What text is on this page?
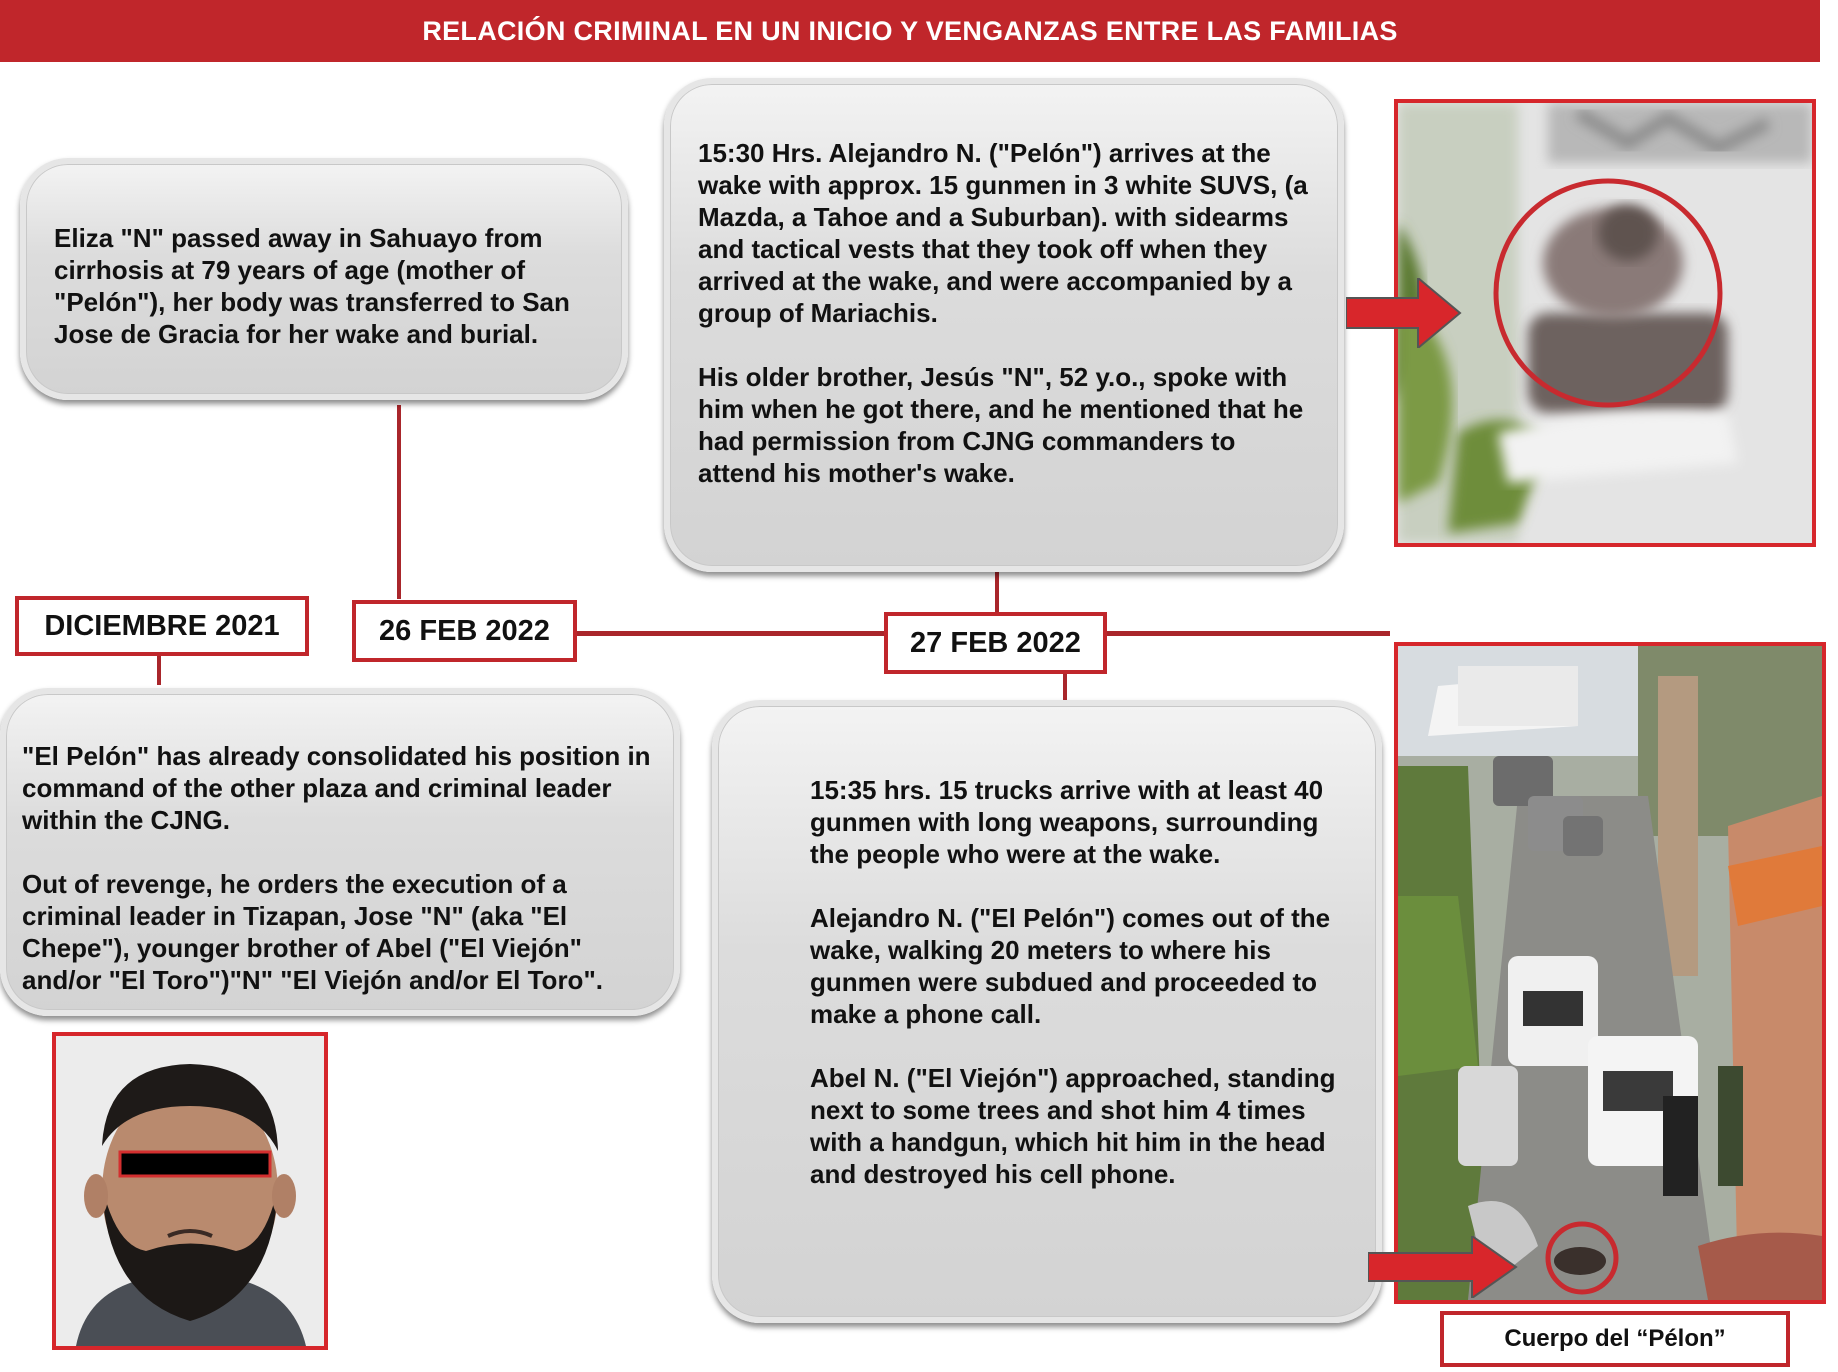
RELACIÓN CRIMINAL EN UN INICIO Y VENGANZAS ENTRE LAS FAMILIAS

Eliza "N" passed away in Sahuayo from cirrhosis at 79 years of age (mother of "Pelón"), her body was transferred to San Jose de Gracia for her wake and burial.

15:30 Hrs. Alejandro N. ("Pelón") arrives at the wake with approx. 15 gunmen in 3 white SUVS, (a Mazda, a Tahoe and a Suburban). with sidearms and tactical vests that they took off when they arrived at the wake, and were accompanied by a group of Mariachis.

His older brother, Jesús "N", 52 y.o., spoke with him when he got there, and he mentioned that he had permission from CJNG commanders to attend his mother's wake.

DICIEMBRE 2021	26 FEB 2022	27 FEB 2022

"El Pelón" has already consolidated his position in command of the other plaza and criminal leader within the CJNG.

Out of revenge, he orders the execution of a criminal leader in Tizapan, Jose "N" (aka "El Chepe"), younger brother of Abel ("El Viejón" and/or "El Toro")"N" "El Viejón and/or El Toro".

15:35 hrs. 15 trucks arrive with at least 40 gunmen with long weapons, surrounding the people who were at the wake.

Alejandro N. ("El Pelón") comes out of the wake, walking 20 meters to where his gunmen were subdued and proceeded to make a phone call.

Abel N. ("El Viejón") approached, standing next to some trees and shot him 4 times with a handgun, which hit him in the head and destroyed his cell phone.

Cuerpo del “Pélon”
